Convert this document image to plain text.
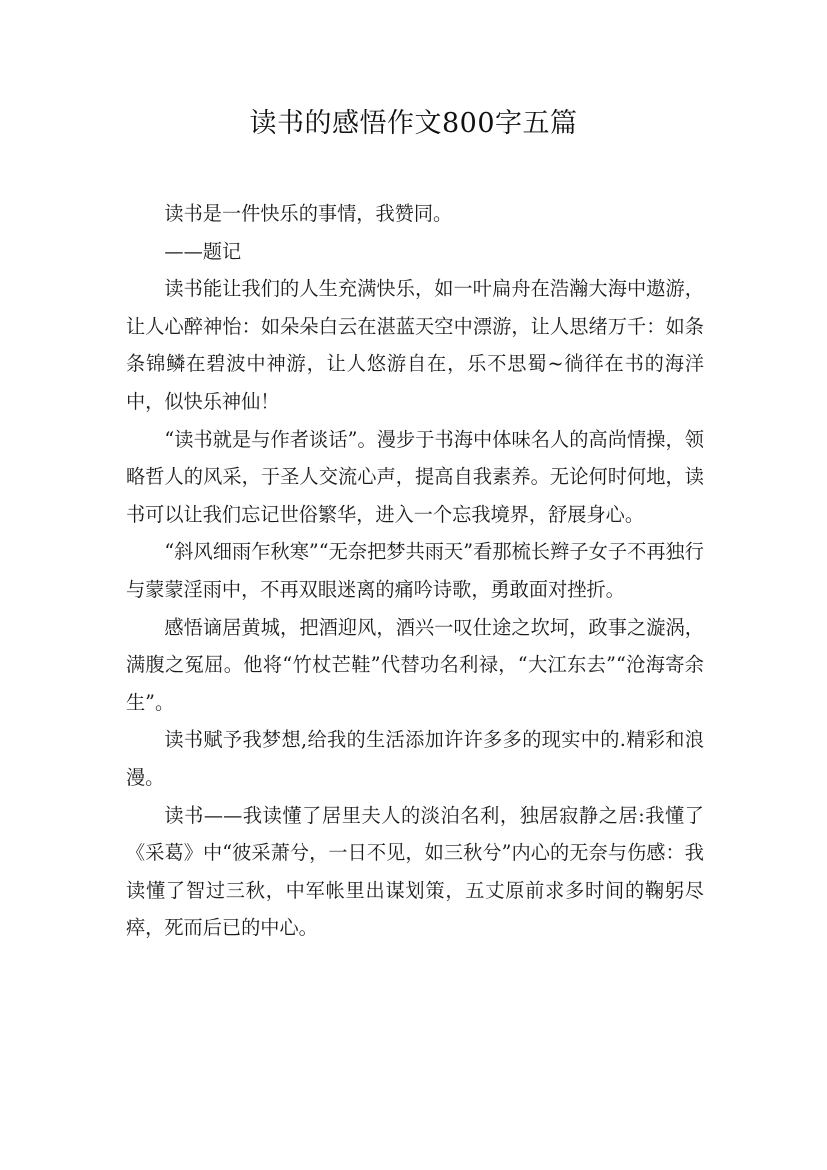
读书的感悟作文800字五篇

读书是一件快乐的事情，我赞同。

——题记

读书能让我们的人生充满快乐，如一叶扁舟在浩瀚大海中遨游，让人心醉神怡：如朵朵白云在湛蓝天空中漂游，让人思绪万千：如条条锦鳞在碧波中神游，让人悠游自在，乐不思蜀~徜徉在书的海洋中，似快乐神仙！

“读书就是与作者谈话”。漫步于书海中体味名人的高尚情操，领略哲人的风采，于圣人交流心声，提高自我素养。无论何时何地，读书可以让我们忘记世俗繁华，进入一个忘我境界，舒展身心。

“斜风细雨乍秋寒”“无奈把梦共雨天”看那梳长辫子女子不再独行与蒙蒙淫雨中，不再双眼迷离的痛吟诗歌，勇敢面对挫折。

感悟谪居黄城，把酒迎风，酒兴一叹仕途之坎坷，政事之漩涡，满腹之冤屈。他将“竹杖芒鞋”代替功名利禄，“大江东去”“沧海寄余生”。

读书赋予我梦想,给我的生活添加许许多多的现实中的.精彩和浪漫。

读书——我读懂了居里夫人的淡泊名利，独居寂静之居:我懂了《采葛》中“彼采萧兮，一日不见，如三秋兮”内心的无奈与伤感：我读懂了智过三秋，中军帐里出谋划策，五丈原前求多时间的鞠躬尽瘁，死而后已的中心。
